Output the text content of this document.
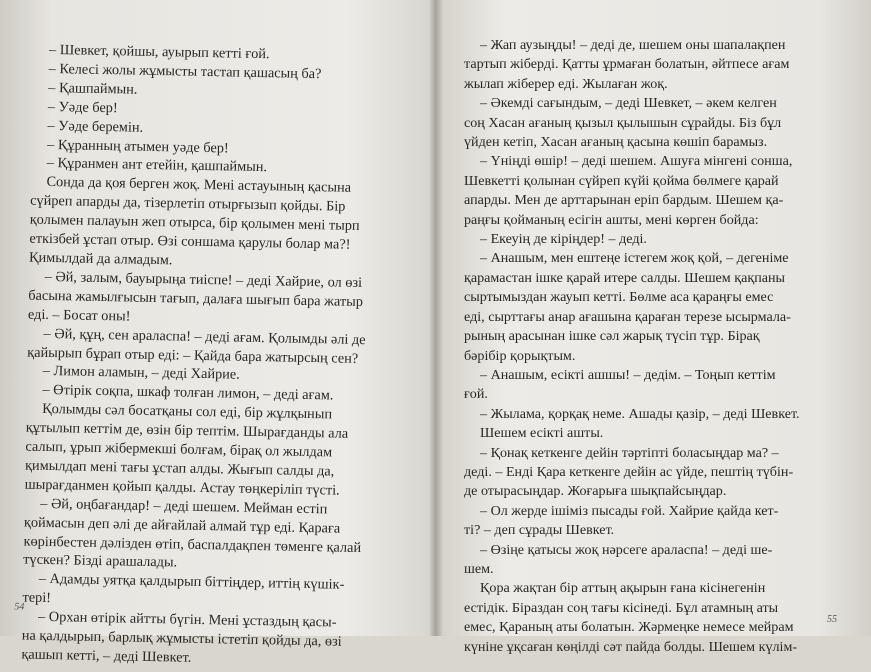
– Шевкет, қойшы, ауырып кетті ғой.
– Келесі жолы жұмысты тастап қашасың ба?
– Қашпаймын.
– Уәде бер!
– Уәде беремін.
– Құранның атымен уәде бер!
– Құранмен ант етейін, қашпаймын.
Сонда да қоя берген жоқ. Мені астауының қасына
сүйреп апарды да, тізерлетіп отырғызып қойды. Бір
қолымен палауын жеп отырса, бір қолымен мені тырп
еткізбей ұстап отыр. Өзі соншама қарулы болар ма?!
Қимылдай да алмадым.
– Әй, залым, бауырыңа тиіспе! – деді Хайрие, ол өзі
басына жамылғысын тағып, далаға шығып бара жатыр
еді. – Босат оны!
– Әй, құң, сен араласпа! – деді ағам. Қолымды әлі де
қайырып бұрап отыр еді: – Қайда бара жатырсың сен?
– Лимон аламын, – деді Хайрие.
– Өтірік соқпа, шкаф толған лимон, – деді ағам.
Қолымды сәл босатқаны сол еді, бір жұлқынып
құтылып кеттім де, өзін бір тептім. Шырағданды ала
салып, ұрып жібермекші болғам, бірақ ол жылдам
қимылдап мені тағы ұстап алды. Жығып салды да,
шырағданмен қойып қалды. Астау төңкеріліп түсті.
– Әй, оңбағандар! – деді шешем. Мейман естіп
қоймасын деп әлі де айғайлай алмай тұр еді. Қараға
көрінбестен дәлізден өтіп, баспалдақпен төменге қалай
түскен? Бізді арашалады.
– Адамды уятқа қалдырып біттіңдер, иттің күшік-
тері!
– Орхан өтірік айтты бүгін. Мені ұстаздың қасы-
на қалдырып, барлық жұмысты істетіп қойды да, өзі
қашып кетті, – деді Шевкет.
54
– Жап аузыңды! – деді де, шешем оны шапалақпен
тартып жіберді. Қатты ұрмаған болатын, әйтпесе ағам
жылап жіберер еді. Жылаған жоқ.
– Әкемді сағындым, – деді Шевкет, – әкем келген
соң Хасан ағаның қызыл қылышын сұрайды. Біз бұл
үйден кетіп, Хасан ағаның қасына көшіп барамыз.
– Үніңді өшір! – деді шешем. Ашуға мінгені сонша,
Шевкетті қолынан сүйреп күйі қойма бөлмеге қарай
апарды. Мен де арттарынан еріп бардым. Шешем қа-
раңғы қойманың есігін ашты, мені көрген бойда:
– Екеуің де кіріңдер! – деді.
– Анашым, мен ештеңе істегем жоқ қой, – дегеніме
қарамастан ішке қарай итере салды. Шешем қақпаны
сыртымыздан жауып кетті. Бөлме аса қараңғы емес
еді, сырттағы анар ағашына қараған терезе ысырмала-
рының арасынан ішке сәл жарық түсіп тұр. Бірақ
бәрібір қорықтым.
– Анашым, есікті ашшы! – дедім. – Тоңып кеттім
ғой.
– Жылама, қорқақ неме. Ашады қазір, – деді Шевкет.
Шешем есікті ашты.
– Қонақ кеткенге дейін тәртіпті боласыңдар ма? –
деді. – Енді Қара кеткенге дейін ас үйде, пештің түбін-
де отырасыңдар. Жоғарыға шықпайсыңдар.
– Ол жерде ішіміз пысады ғой. Хайрие қайда кет-
ті? – деп сұрады Шевкет.
– Өзіңе қатысы жоқ нәрсеге араласпа! – деді ше-
шем.
Қора жақтан бір аттың ақырын ғана кісінегенін
естідік. Біраздан соң тағы кісінеді. Бұл атамның аты
емес, Қараның аты болатын. Жәрмеңке немесе мейрам
күніне ұқсаған көңілді сәт пайда болды. Шешем күлім-
55
